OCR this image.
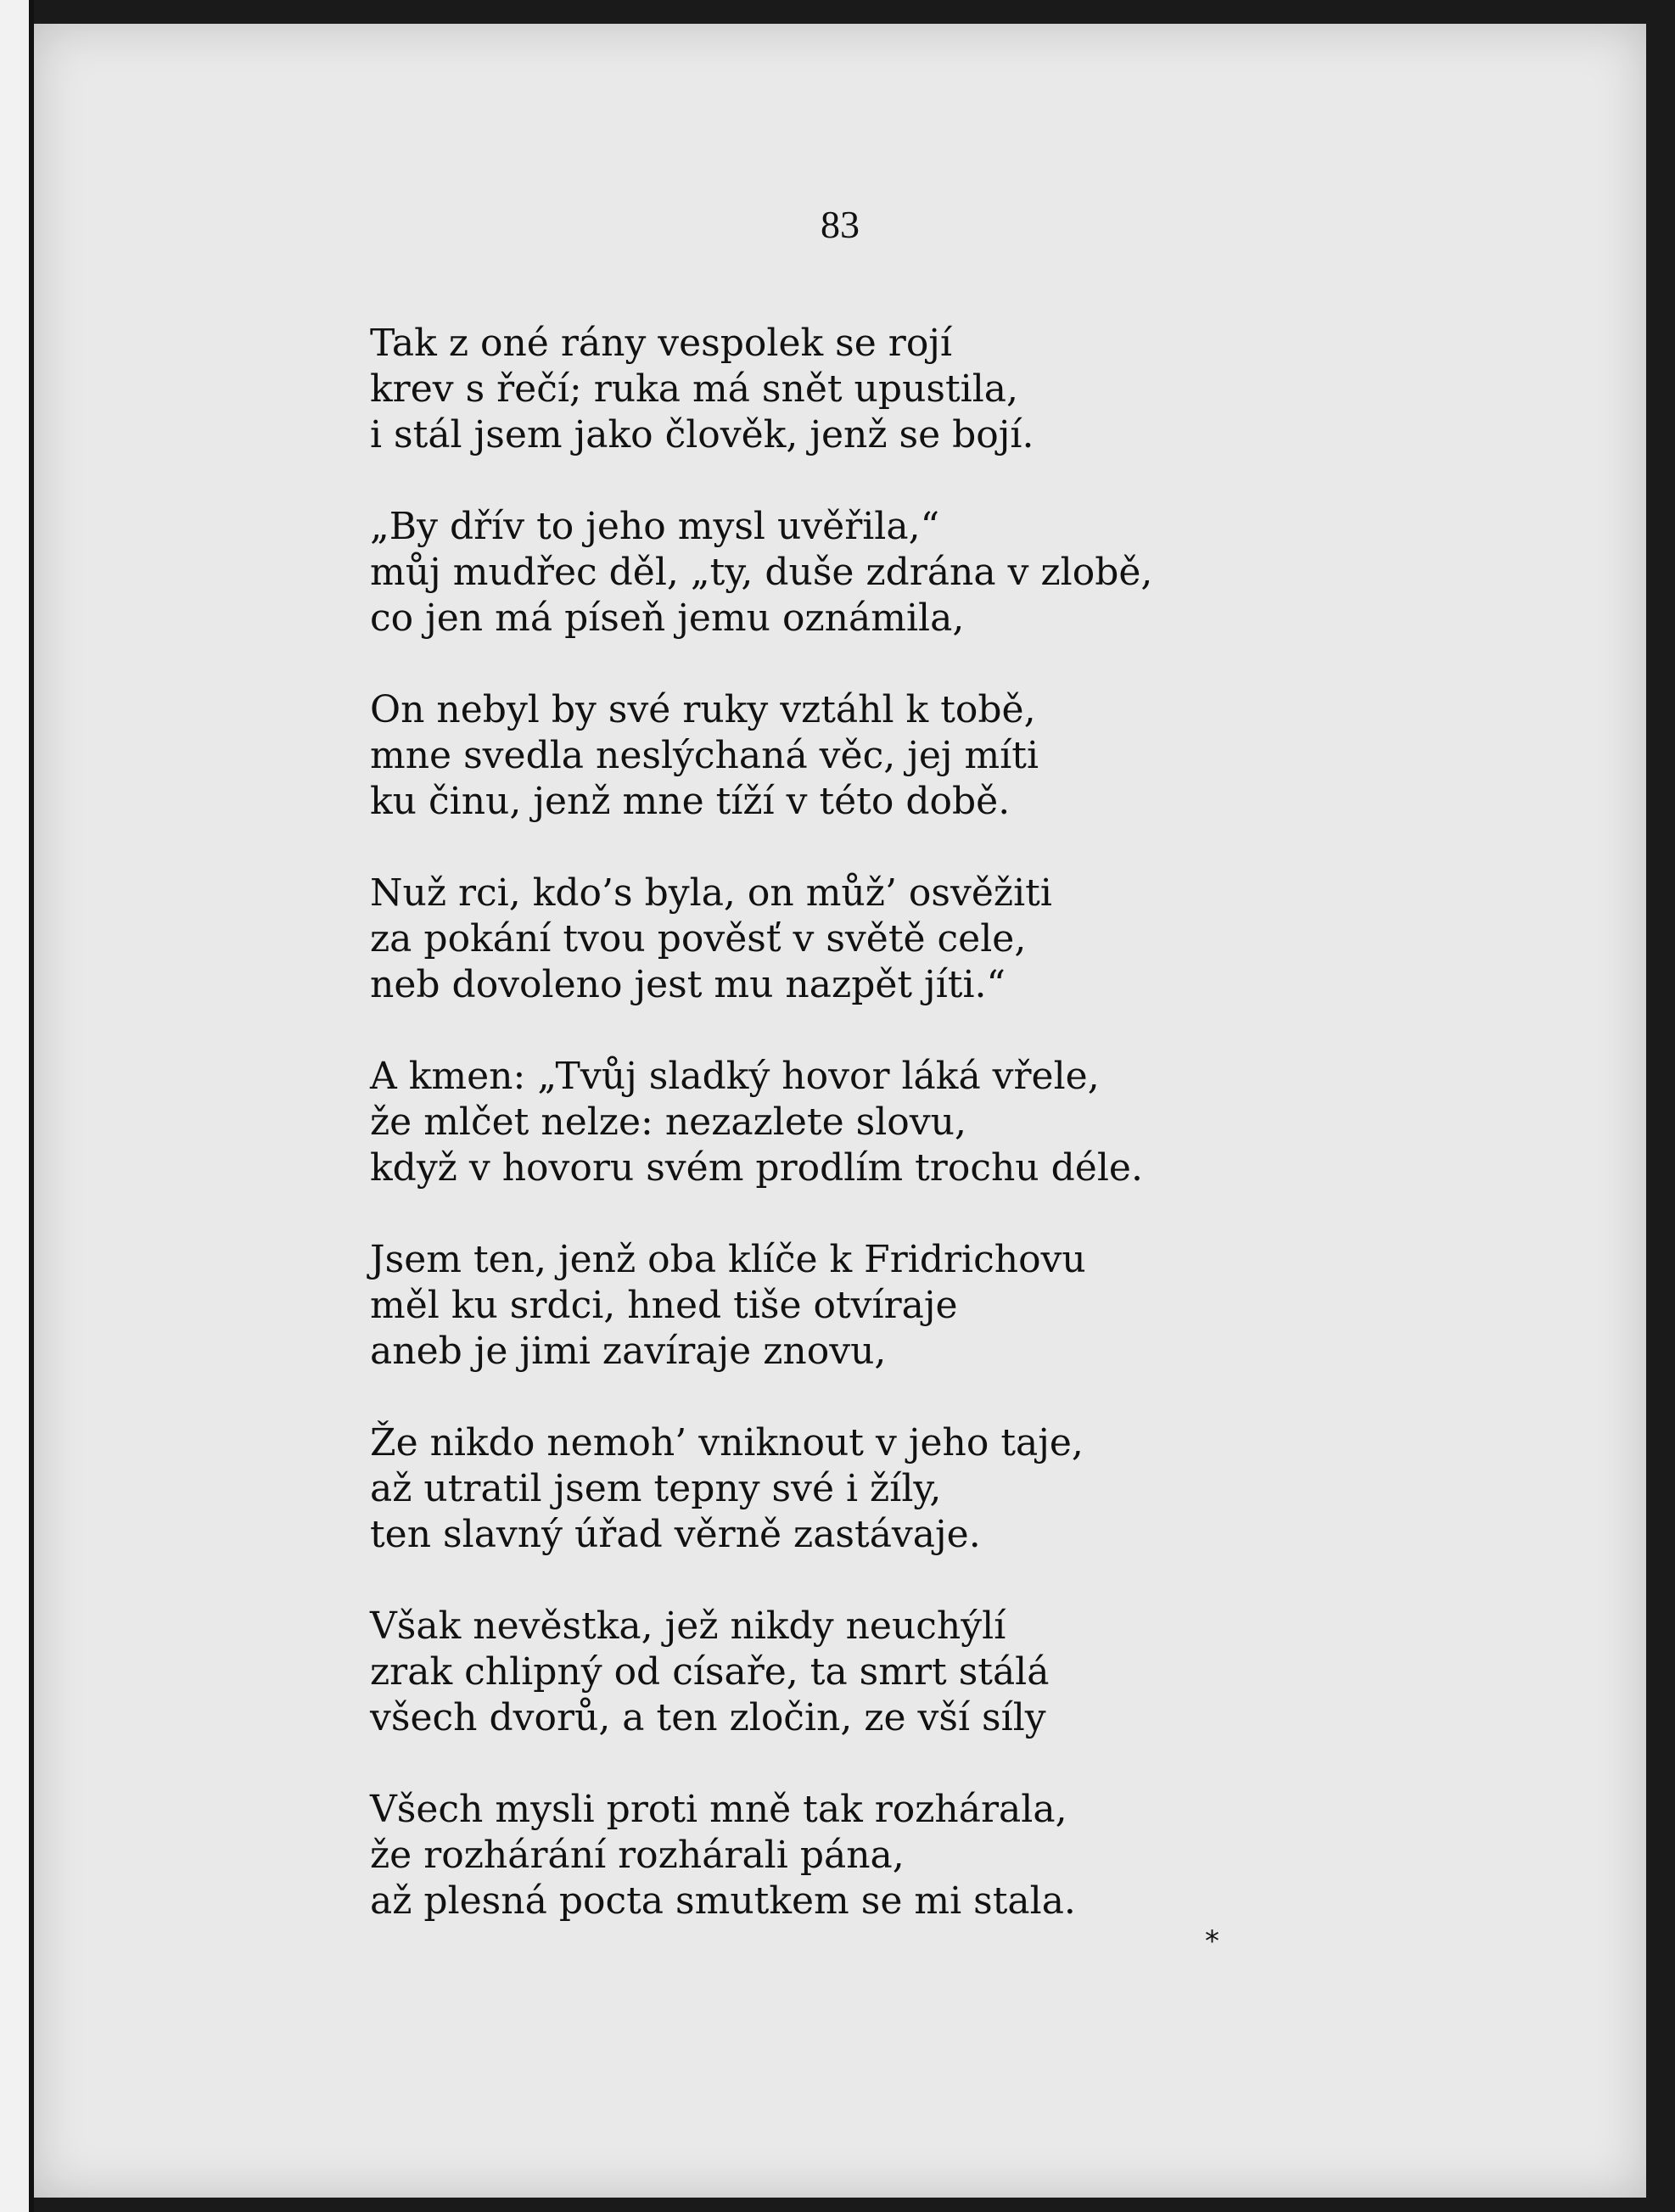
83
Tak z oné rány vespolek se rojí
krev s řečí; ruka má snět upustila,
i stál jsem jako člověk, jenž se bojí.
„By dřív to jeho mysl uvěřila,“
můj mudřec děl, „ty, duše zdrána v zlobě,
co jen má píseň jemu oznámila,
On nebyl by své ruky vztáhl k tobě,
mne svedla neslýchaná věc, jej míti
ku činu, jenž mne tíží v této době.
Nuž rci, kdo’s byla, on můž’ osvěžiti
za pokání tvou pověsť v světě cele,
neb dovoleno jest mu nazpět jíti.“
A kmen: „Tvůj sladký hovor láká vřele,
že mlčet nelze: nezazlete slovu,
když v hovoru svém prodlím trochu déle.
Jsem ten, jenž oba klíče k Fridrichovu
měl ku srdci, hned tiše otvíraje
aneb je jimi zavíraje znovu,
Že nikdo nemoh’ vniknout v jeho taje,
až utratil jsem tepny své i žíly,
ten slavný úřad věrně zastávaje.
Však nevěstka, jež nikdy neuchýlí
zrak chlipný od císaře, ta smrt stálá
všech dvorů, a ten zločin, ze vší síly
Všech mysli proti mně tak rozhárala,
že rozhárání rozhárali pána,
až plesná pocta smutkem se mi stala.
*
